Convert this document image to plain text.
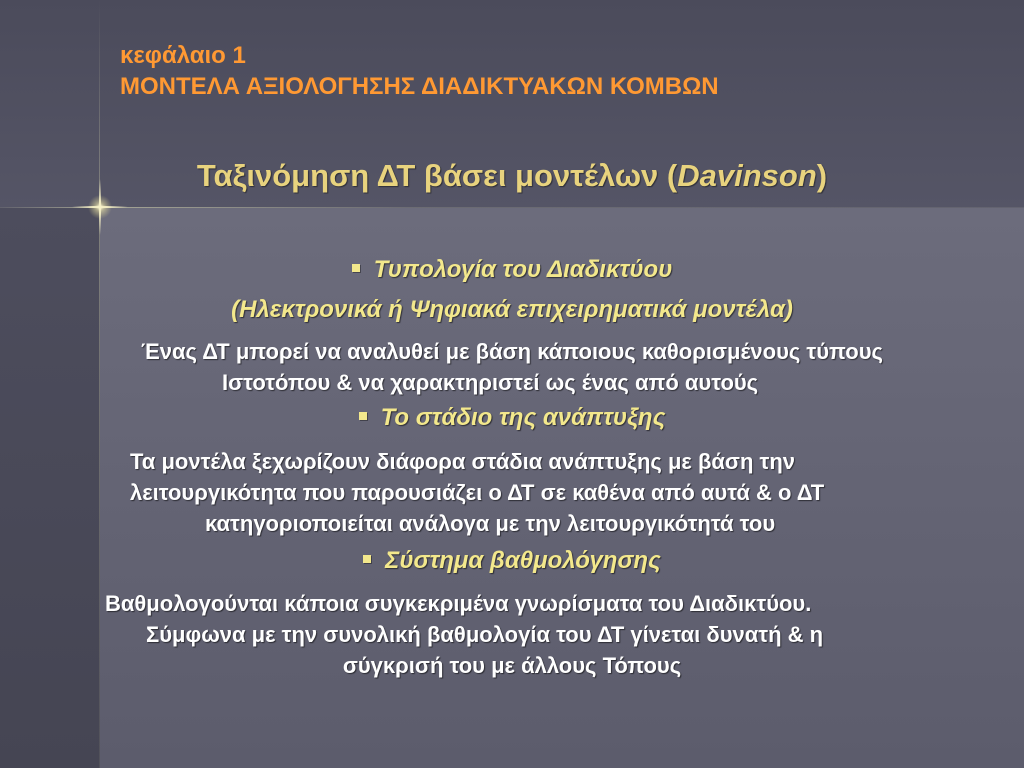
κεφάλαιο 1
ΜΟΝΤΕΛΑ ΑΞΙΟΛΟΓΗΣΗΣ ΔΙΑΔΙΚΤΥΑΚΩΝ ΚΟΜΒΩΝ
Ταξινόμηση ΔΤ βάσει μοντέλων (Davinson)
Τυπολογία του Διαδικτύου
(Ηλεκτρονικά ή Ψηφιακά επιχειρηματικά μοντέλα)
Ένας ΔΤ μπορεί να αναλυθεί με βάση κάποιους καθορισμένους τύπους
Ιστοτόπου & να χαρακτηριστεί ως ένας από αυτούς
Το στάδιο της ανάπτυξης
Τα μοντέλα ξεχωρίζουν διάφορα στάδια ανάπτυξης με βάση την
λειτουργικότητα που παρουσιάζει ο ΔΤ σε καθένα από αυτά & ο ΔΤ
κατηγοριοποιείται ανάλογα με την λειτουργικότητά του
Σύστημα βαθμολόγησης
Βαθμολογούνται κάποια συγκεκριμένα γνωρίσματα του Διαδικτύου.
Σύμφωνα με την συνολική βαθμολογία του ΔΤ γίνεται δυνατή & η
σύγκρισή του με άλλους Τόπους
